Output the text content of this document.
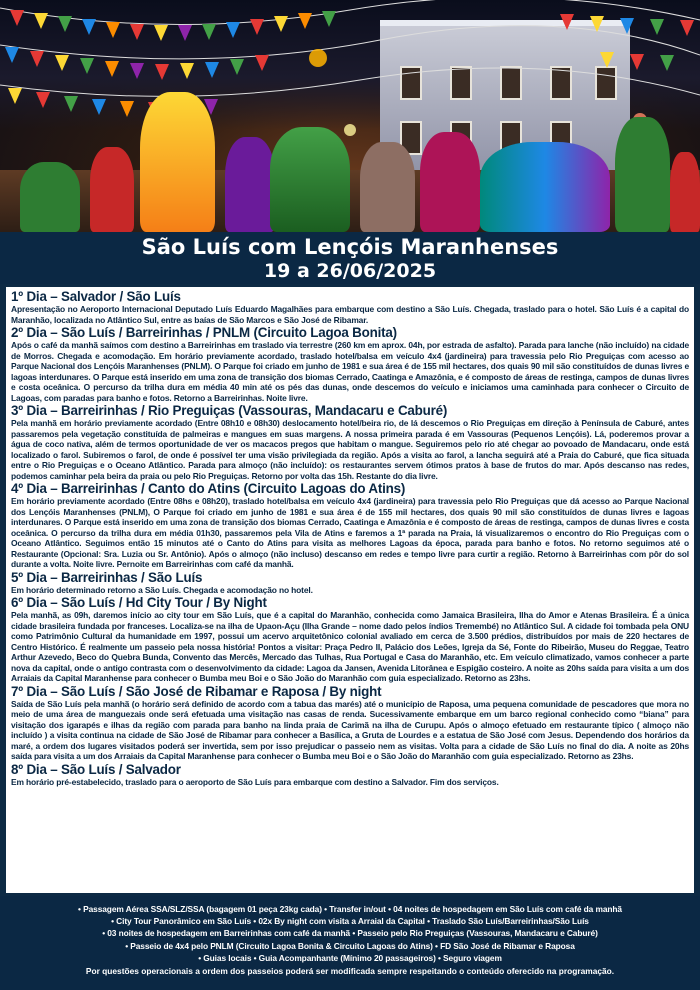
São Luís com Lençóis Maranhenses
19 a 26/06/2025

1º Dia – Salvador / São Luís

Apresentação no Aeroporto Internacional Deputado Luís Eduardo Magalhães para embarque com destino a São Luís. Chegada, traslado para o hotel. São Luís é a capital do Maranhão, localizada no Atlântico Sul, entre as baías de São Marcos e São José de Ribamar.

2º Dia – São Luís / Barreirinhas / PNLM (Circuito Lagoa Bonita)

Após o café da manhã saímos com destino a Barreirinhas em traslado via terrestre (260 km em aprox. 04h, por estrada de asfalto). Parada para lanche (não incluído) na cidade de Morros. Chegada e acomodação. Em horário previamente acordado, traslado hotel/balsa em veículo 4x4 (jardineira) para travessia pelo Rio Preguiças com acesso ao Parque Nacional dos Lençóis Maranhenses (PNLM). O Parque foi criado em junho de 1981 e sua área é de 155 mil hectares, dos quais 90 mil são constituídos de dunas livres e lagoas interdunares. O Parque está inserido em uma zona de transição dos biomas Cerrado, Caatinga e Amazônia, e é composto de áreas de restinga, campos de dunas livres e costa oceânica. O percurso da trilha dura em média 40 min até os pés das dunas, onde descemos do veículo e iniciamos uma caminhada para conhecer o Circuito de Lagoas, com paradas para banho e fotos. Retorno a Barreirinhas. Noite livre.

3º Dia – Barreirinhas / Rio Preguiças (Vassouras, Mandacaru e Caburé)

Pela manhã em horário previamente acordado (Entre 08h10 e 08h30) deslocamento hotel/beira rio, de lá descemos o Rio Preguiças em direção à Península de Caburé, antes passaremos pela vegetação constituída de palmeiras e mangues em suas margens. A nossa primeira parada é em Vassouras (Pequenos Lençóis). Lá, poderemos provar a água de coco nativa, além de termos oportunidade de ver os macacos pregos que habitam o mangue. Seguiremos pelo rio até chegar ao povoado de Mandacaru, onde está localizado o farol. Subiremos o farol, de onde é possível ter uma visão privilegiada da região. Após a visita ao farol, a lancha seguirá até a Praia do Caburé, que fica situada entre o Rio Preguiças e o Oceano Atlântico. Parada para almoço (não incluído): os restaurantes servem ótimos pratos à base de frutos do mar. Após descanso nas redes, podemos caminhar pela beira da praia ou pelo Rio Preguiças. Retorno por volta das 15h. Restante do dia livre.

4º Dia – Barreirinhas / Canto do Atins (Circuito Lagoas do Atins)

Em horário previamente acordado (Entre 08hs e 08h20), traslado hotel/balsa em veículo 4x4 (jardineira) para travessia pelo Rio Preguiças que dá acesso ao Parque Nacional dos Lençóis Maranhenses (PNLM), O Parque foi criado em junho de 1981 e sua área é de 155 mil hectares, dos quais 90 mil são constituídos de dunas livres e lagoas interdunares. O Parque está inserido em uma zona de transição dos biomas Cerrado, Caatinga e Amazônia e é composto de áreas de restinga, campos de dunas livres e costa oceânica. O percurso da trilha dura em média 01h30, passaremos pela Vila de Atins e faremos a 1ª parada na Praia, lá visualizaremos o encontro do Rio Preguiças com o Oceano Atlântico. Seguimos então 15 minutos até o Canto do Atins para visita as melhores Lagoas da época, parada para banho e fotos. No retorno seguimos até o Restaurante (Opcional: Sra. Luzia ou Sr. Antônio). Após o almoço (não incluso) descanso em redes e tempo livre para curtir a região. Retorno à Barreirinhas com pôr do sol durante a volta. Noite livre. Pernoite em Barreirinhas com café da manhã.

5º Dia – Barreirinhas / São Luís

Em horário determinado retorno a São Luís. Chegada e acomodação no hotel.

6º Dia – São Luís / Hd City Tour / By Night

Pela manhã, as 09h, daremos início ao city tour em São Luís, que é a capital do Maranhão, conhecida como Jamaica Brasileira, Ilha do Amor e Atenas Brasileira. É a única cidade brasileira fundada por franceses. Localiza-se na ilha de Upaon-Açu (Ilha Grande – nome dado pelos índios Tremembé) no Atlântico Sul. A cidade foi tombada pela ONU como Patrimônio Cultural da humanidade em 1997, possui um acervo arquitetônico colonial avaliado em cerca de 3.500 prédios, distribuídos por mais de 220 hectares de Centro Histórico. É realmente um passeio pela nossa história! Pontos a visitar: Praça Pedro II, Palácio dos Leões, Igreja da Sé, Fonte do Ribeirão, Museu do Reggae, Teatro Arthur Azevedo, Beco do Quebra Bunda, Convento das Mercês, Mercado das Tulhas, Rua Portugal e Casa do Maranhão, etc. Em veículo climatizado, vamos conhecer a parte nova da capital, onde o antigo contrasta com o desenvolvimento da cidade: Lagoa da Jansen, Avenida Litorânea e Espigão costeiro. A noite as 20hs saída para visita a um dos Arraiais da Capital Maranhense para conhecer o Bumba meu Boi e o São João do Maranhão com guia especializado. Retorno as 23hs.

7º Dia – São Luís / São José de Ribamar e Raposa / By night

Saída de São Luís pela manhã (o horário será definido de acordo com a tabua das marés) até o município de Raposa, uma pequena comunidade de pescadores que mora no meio de uma área de manguezais onde será efetuada uma visitação nas casas de renda. Sucessivamente embarque em um barco regional conhecido como “biana” para visitação dos igarapés e ilhas da região com parada para banho na linda praia de Carimã na ilha de Curupu. Após o almoço efetuado em restaurante típico ( almoço não incluído ) a visita continua na cidade de São José de Ribamar para conhecer a Basílica, a Gruta de Lourdes e a estatua de São José com Jesus. Dependendo dos horários da maré, a ordem dos lugares visitados poderá ser invertida, sem por isso prejudicar o passeio nem as visitas. Volta para a cidade de São Luís no final do dia. A noite as 20hs saída para visita a um dos Arraiais da Capital Maranhense para conhecer o Bumba meu Boi e o São João do Maranhão com guia especializado. Retorno as 23hs.

8º Dia – São Luís / Salvador

Em horário pré-estabelecido, traslado para o aeroporto de São Luís para embarque com destino a Salvador. Fim dos serviços.

• Passagem Aérea SSA/SLZ/SSA (bagagem 01 peça 23kg cada) • Transfer in/out • 04 noites de hospedagem em São Luís com café da manhã
• City Tour Panorâmico em São Luís • 02x By night com visita a Arraial da Capital • Traslado São Luís/Barreirinhas/São Luís
• 03 noites de hospedagem em Barreirinhas com café da manhã • Passeio pelo Rio Preguiças (Vassouras, Mandacaru e Caburé)
• Passeio de 4x4 pelo PNLM (Circuito Lagoa Bonita & Circuito Lagoas do Atins) • FD São José de Ribamar e Raposa
• Guias locais • Guia Acompanhante (Mínimo 20 passageiros) • Seguro viagem
Por questões operacionais a ordem dos passeios poderá ser modificada sempre respeitando o conteúdo oferecido na programação.
